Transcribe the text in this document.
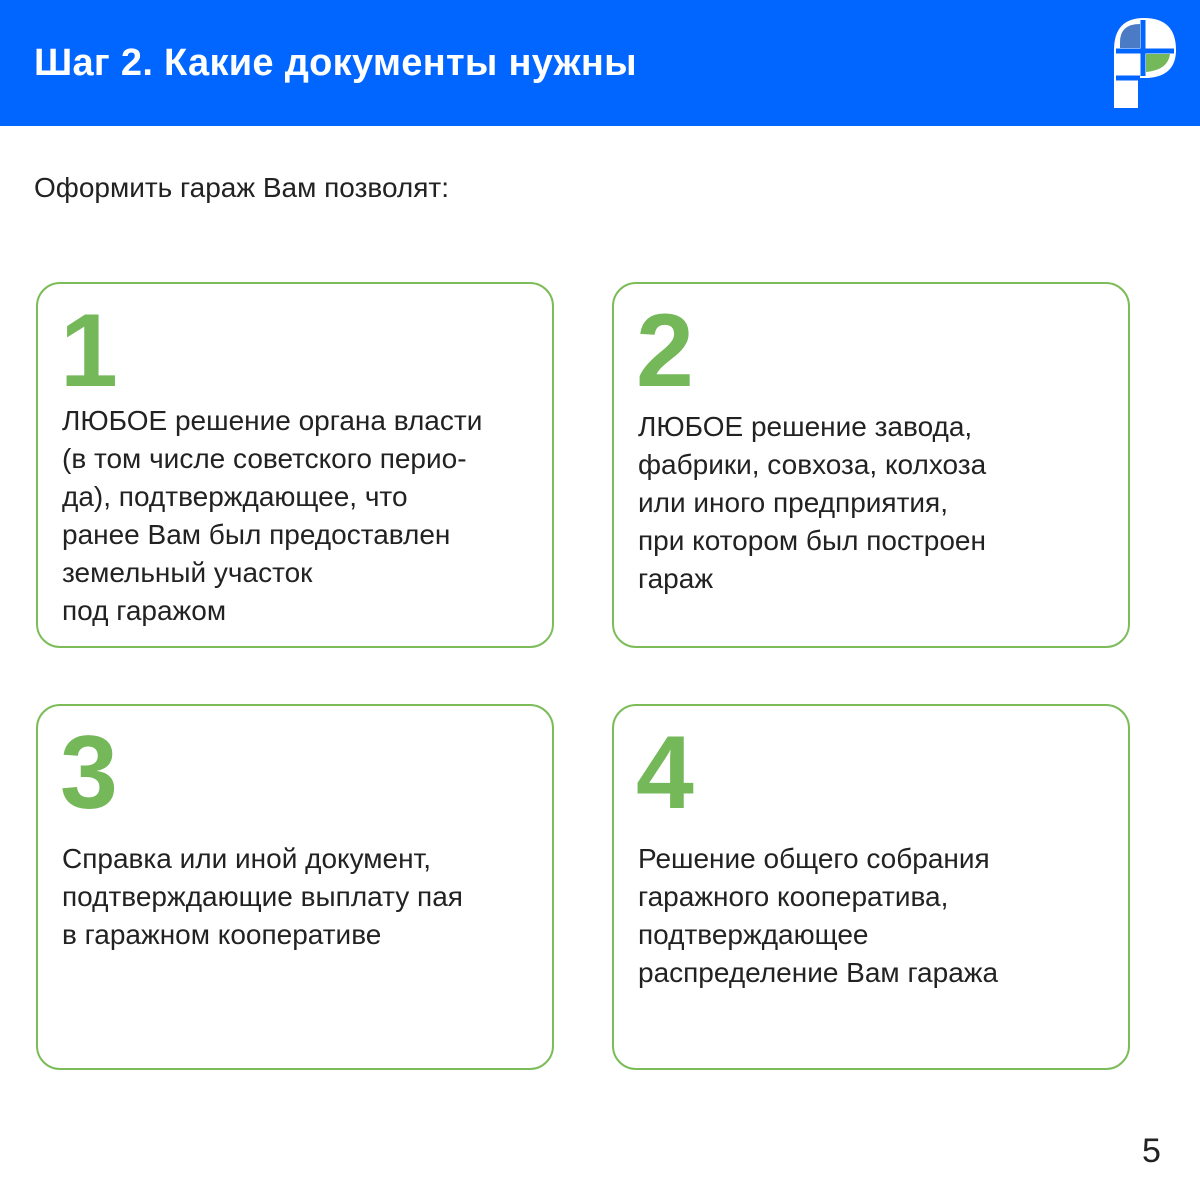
Шаг 2. Какие документы нужны
Оформить гараж Вам позволят:
1
ЛЮБОЕ решение органа власти
(в том числе советского перио-
да), подтверждающее, что
ранее Вам был предоставлен
земельный участок
под гаражом
2
ЛЮБОЕ решение завода,
фабрики, совхоза, колхоза
или иного предприятия,
при котором был построен
гараж
3
Справка или иной документ,
подтверждающие выплату пая
в гаражном кооперативе
4
Решение общего собрания
гаражного кооператива,
подтверждающее
распределение Вам гаража
5
